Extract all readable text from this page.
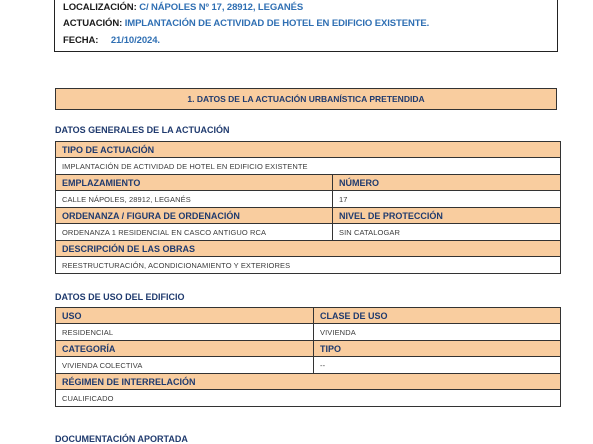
LOCALIZACIÓN: C/ NÁPOLES Nº 17, 28912, LEGANÉS
ACTUACIÓN: IMPLANTACIÓN DE ACTIVIDAD DE HOTEL EN EDIFICIO EXISTENTE.
FECHA: 21/10/2024.
1. DATOS DE LA ACTUACIÓN URBANÍSTICA PRETENDIDA
DATOS GENERALES DE LA ACTUACIÓN
TIPO DE ACTUACIÓN	
IMPLANTACIÓN DE ACTIVIDAD DE HOTEL EN EDIFICIO EXISTENTE	
EMPLAZAMIENTO	NÚMERO
CALLE NÁPOLES, 28912, LEGANÉS	17
ORDENANZA / FIGURA DE ORDENACIÓN	NIVEL DE PROTECCIÓN
ORDENANZA 1 RESIDENCIAL EN CASCO ANTIGUO RCA	SIN CATALOGAR
DESCRIPCIÓN DE LAS OBRAS	
REESTRUCTURACIÓN, ACONDICIONAMIENTO Y EXTERIORES	
DATOS DE USO DEL EDIFICIO
USO	CLASE DE USO
RESIDENCIAL	VIVIENDA
CATEGORÍA	TIPO
VIVIENDA COLECTIVA	--
RÉGIMEN DE INTERRELACIÓN	
CUALIFICADO	
DOCUMENTACIÓN APORTADA
